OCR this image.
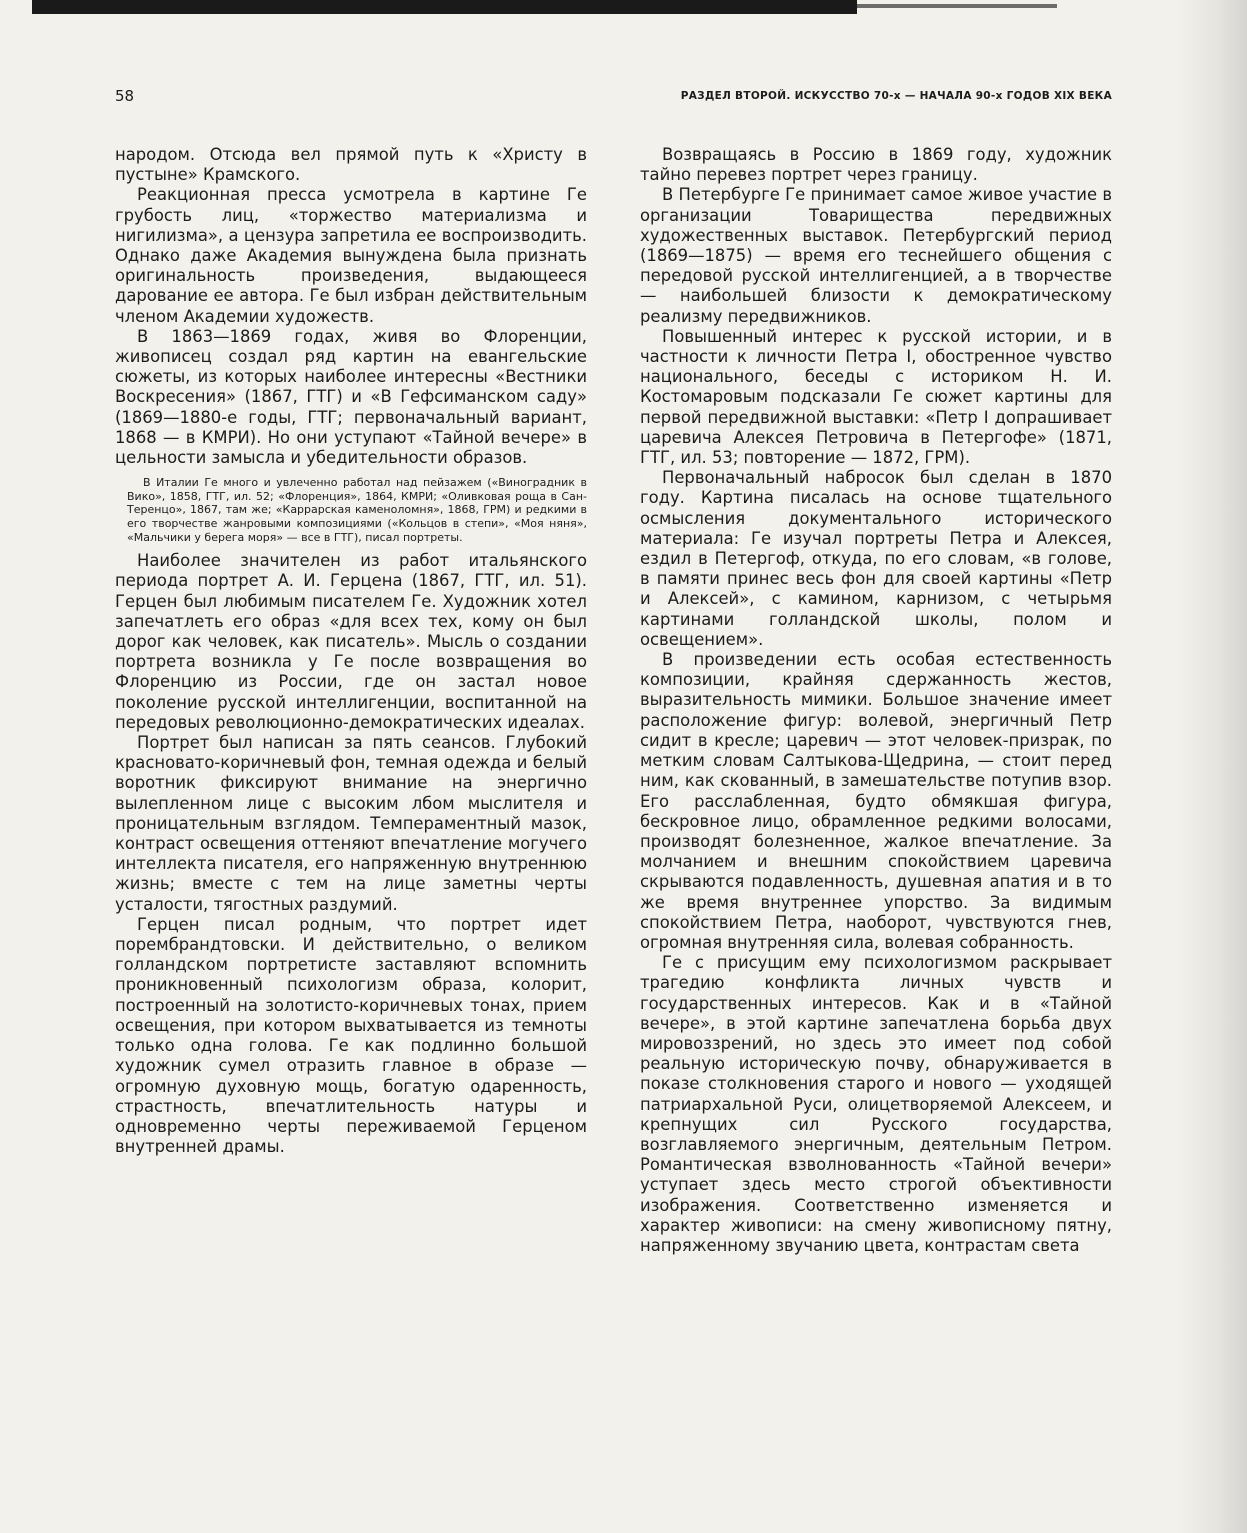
58	РАЗДЕЛ ВТОРОЙ. ИСКУССТВО 70-х — НАЧАЛА 90-х ГОДОВ XIX ВЕКА

народом. Отсюда вел прямой путь к «Христу в пустыне» Крамского.

Реакционная пресса усмотрела в картине Ге грубость лиц, «торжество материализма и нигилизма», а цензура запретила ее воспроизводить. Однако даже Академия вынуждена была признать оригинальность произведения, выдающееся дарование ее автора. Ге был избран действительным членом Академии художеств.

В 1863—1869 годах, живя во Флоренции, живописец создал ряд картин на евангельские сюжеты, из которых наиболее интересны «Вестники Воскресения» (1867, ГТГ) и «В Гефсиманском саду» (1869—1880-е годы, ГТГ; первоначальный вариант, 1868 — в КМРИ). Но они уступают «Тайной вечере» в цельности замысла и убедительности образов.

В Италии Ге много и увлеченно работал над пейзажем («Виноградник в Вико», 1858, ГТГ, ил. 52; «Флоренция», 1864, КМРИ; «Оливковая роща в Сан-Теренцо», 1867, там же; «Каррарская каменоломня», 1868, ГРМ) и редкими в его творчестве жанровыми композициями («Кольцов в степи», «Моя няня», «Мальчики у берега моря» — все в ГТГ), писал портреты.

Наиболее значителен из работ итальянского периода портрет А. И. Герцена (1867, ГТГ, ил. 51). Герцен был любимым писателем Ге. Художник хотел запечатлеть его образ «для всех тех, кому он был дорог как человек, как писатель». Мысль о создании портрета возникла у Ге после возвращения во Флоренцию из России, где он застал новое поколение русской интеллигенции, воспитанной на передовых революционно-демократических идеалах.

Портрет был написан за пять сеансов. Глубокий красновато-коричневый фон, темная одежда и белый воротник фиксируют внимание на энергично вылепленном лице с высоким лбом мыслителя и проницательным взглядом. Темпераментный мазок, контраст освещения оттеняют впечатление могучего интеллекта писателя, его напряженную внутреннюю жизнь; вместе с тем на лице заметны черты усталости, тягостных раздумий.

Герцен писал родным, что портрет идет порембрандтовски. И действительно, о великом голландском портретисте заставляют вспомнить проникновенный психологизм образа, колорит, построенный на золотисто-коричневых тонах, прием освещения, при котором выхватывается из темноты только одна голова. Ге как подлинно большой художник сумел отразить главное в образе — огромную духовную мощь, богатую одаренность, страстность, впечатлительность натуры и одновременно черты переживаемой Герценом внутренней драмы.

Возвращаясь в Россию в 1869 году, художник тайно перевез портрет через границу.

В Петербурге Ге принимает самое живое участие в организации Товарищества передвижных художественных выставок. Петербургский период (1869—1875) — время его теснейшего общения с передовой русской интеллигенцией, а в творчестве — наибольшей близости к демократическому реализму передвижников.

Повышенный интерес к русской истории, и в частности к личности Петра I, обостренное чувство национального, беседы с историком Н. И. Костомаровым подсказали Ге сюжет картины для первой передвижной выставки: «Петр I допрашивает царевича Алексея Петровича в Петергофе» (1871, ГТГ, ил. 53; повторение — 1872, ГРМ).

Первоначальный набросок был сделан в 1870 году. Картина писалась на основе тщательного осмысления документального исторического материала: Ге изучал портреты Петра и Алексея, ездил в Петергоф, откуда, по его словам, «в голове, в памяти принес весь фон для своей картины «Петр и Алексей», с камином, карнизом, с четырьмя картинами голландской школы, полом и освещением».

В произведении есть особая естественность композиции, крайняя сдержанность жестов, выразительность мимики. Большое значение имеет расположение фигур: волевой, энергичный Петр сидит в кресле; царевич — этот человек-призрак, по метким словам Салтыкова-Щедрина, — стоит перед ним, как скованный, в замешательстве потупив взор. Его расслабленная, будто обмякшая фигура, бескровное лицо, обрамленное редкими волосами, производят болезненное, жалкое впечатление. За молчанием и внешним спокойствием царевича скрываются подавленность, душевная апатия и в то же время внутреннее упорство. За видимым спокойствием Петра, наоборот, чувствуются гнев, огромная внутренняя сила, волевая собранность.

Ге с присущим ему психологизмом раскрывает трагедию конфликта личных чувств и государственных интересов. Как и в «Тайной вечере», в этой картине запечатлена борьба двух мировоззрений, но здесь это имеет под собой реальную историческую почву, обнаруживается в показе столкновения старого и нового — уходящей патриархальной Руси, олицетворяемой Алексеем, и крепнущих сил Русского государства, возглавляемого энергичным, деятельным Петром. Романтическая взволнованность «Тайной вечери» уступает здесь место строгой объективности изображения. Соответственно изменяется и характер живописи: на смену живописному пятну, напряженному звучанию цвета, контрастам света
